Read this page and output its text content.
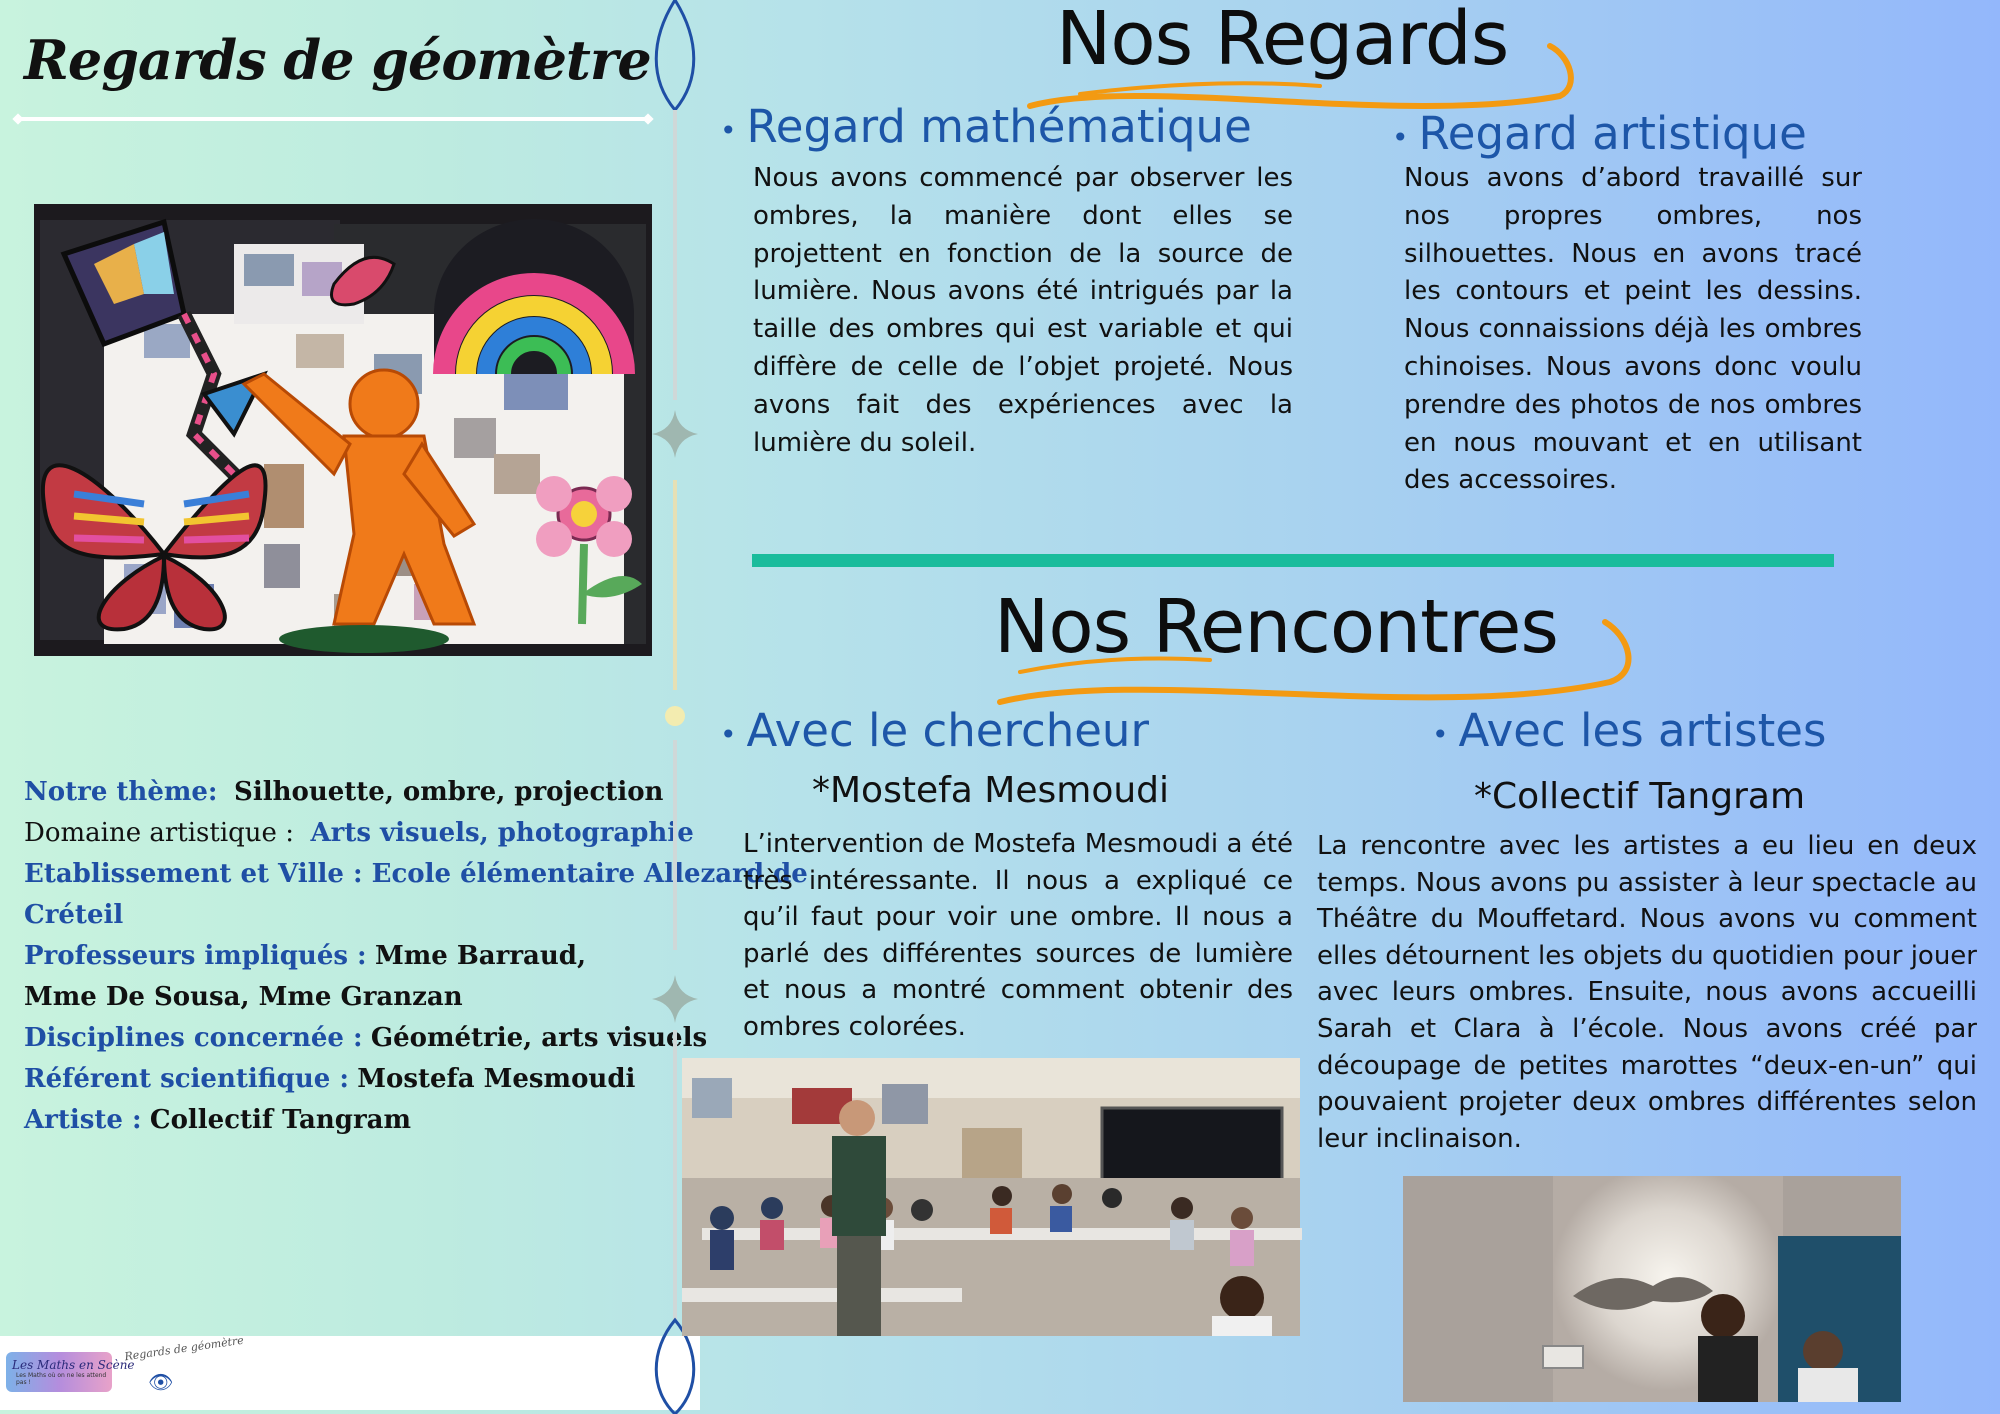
Regards de géomètre
Notre thème: Silhouette, ombre, projection
Domaine artistique : Arts visuels, photographie
Etablissement et Ville : Ecole élémentaire Allezard de
Créteil
Professeurs impliqués : Mme Barraud,
Mme De Sousa, Mme Granzan
Disciplines concernée : Géométrie, arts visuels
Référent scientifique : Mostefa Mesmoudi
Artiste : Collectif Tangram
Les Maths en Scène
Les Maths où on ne les attend pas !
Regards de géomètre
👁
Nos Regards
• Regard mathématique
Nous avons commencé par observer les ombres, la manière dont elles se projettent en fonction de la source de lumière. Nous avons été intrigués par la taille des ombres qui est variable et qui diffère de celle de l’objet projeté. Nous avons fait des expériences avec la lumière du soleil.
• Regard artistique
Nous avons d’abord travaillé sur nos propres ombres, nos silhouettes. Nous en avons tracé les contours et peint les dessins. Nous connaissions déjà les ombres chinoises. Nous avons donc voulu prendre des photos de nos ombres en nous mouvant et en utilisant des accessoires.
Nos Rencontres
• Avec le chercheur
*Mostefa Mesmoudi
L’intervention de Mostefa Mesmoudi a été très intéressante. Il nous a expliqué ce qu’il faut pour voir une ombre. Il nous a parlé des différentes sources de lumière et nous a montré comment obtenir des ombres colorées.
• Avec les artistes
*Collectif Tangram
La rencontre avec les artistes a eu lieu en deux temps. Nous avons pu assister à leur spectacle au Théâtre du Mouffetard. Nous avons vu comment elles détournent les objets du quotidien pour jouer avec leurs ombres. Ensuite, nous avons accueilli Sarah et Clara à l’école. Nous avons créé par découpage de petites marottes “deux-en-un” qui pouvaient projeter deux ombres différentes selon leur inclinaison.
